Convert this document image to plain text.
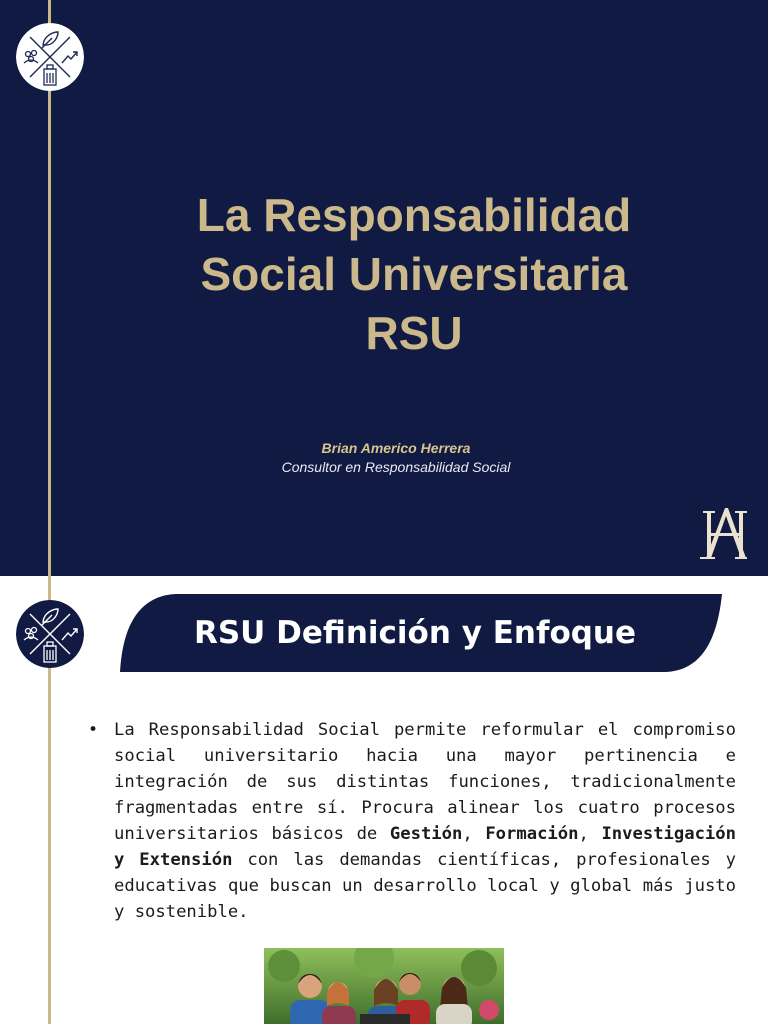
La Responsabilidad
Social Universitaria
RSU
Brian Americo Herrera
Consultor en Responsabilidad Social
RSU Definición y Enfoque
• La Responsabilidad Social permite reformular el compromiso social universitario hacia una mayor pertinencia e integración de sus distintas funciones, tradicionalmente fragmentadas entre sí. Procura alinear los cuatro procesos universitarios básicos de Gestión, Formación, Investigación y Extensión con las demandas científicas, profesionales y educativas que buscan un desarrollo local y global más justo y sostenible.
